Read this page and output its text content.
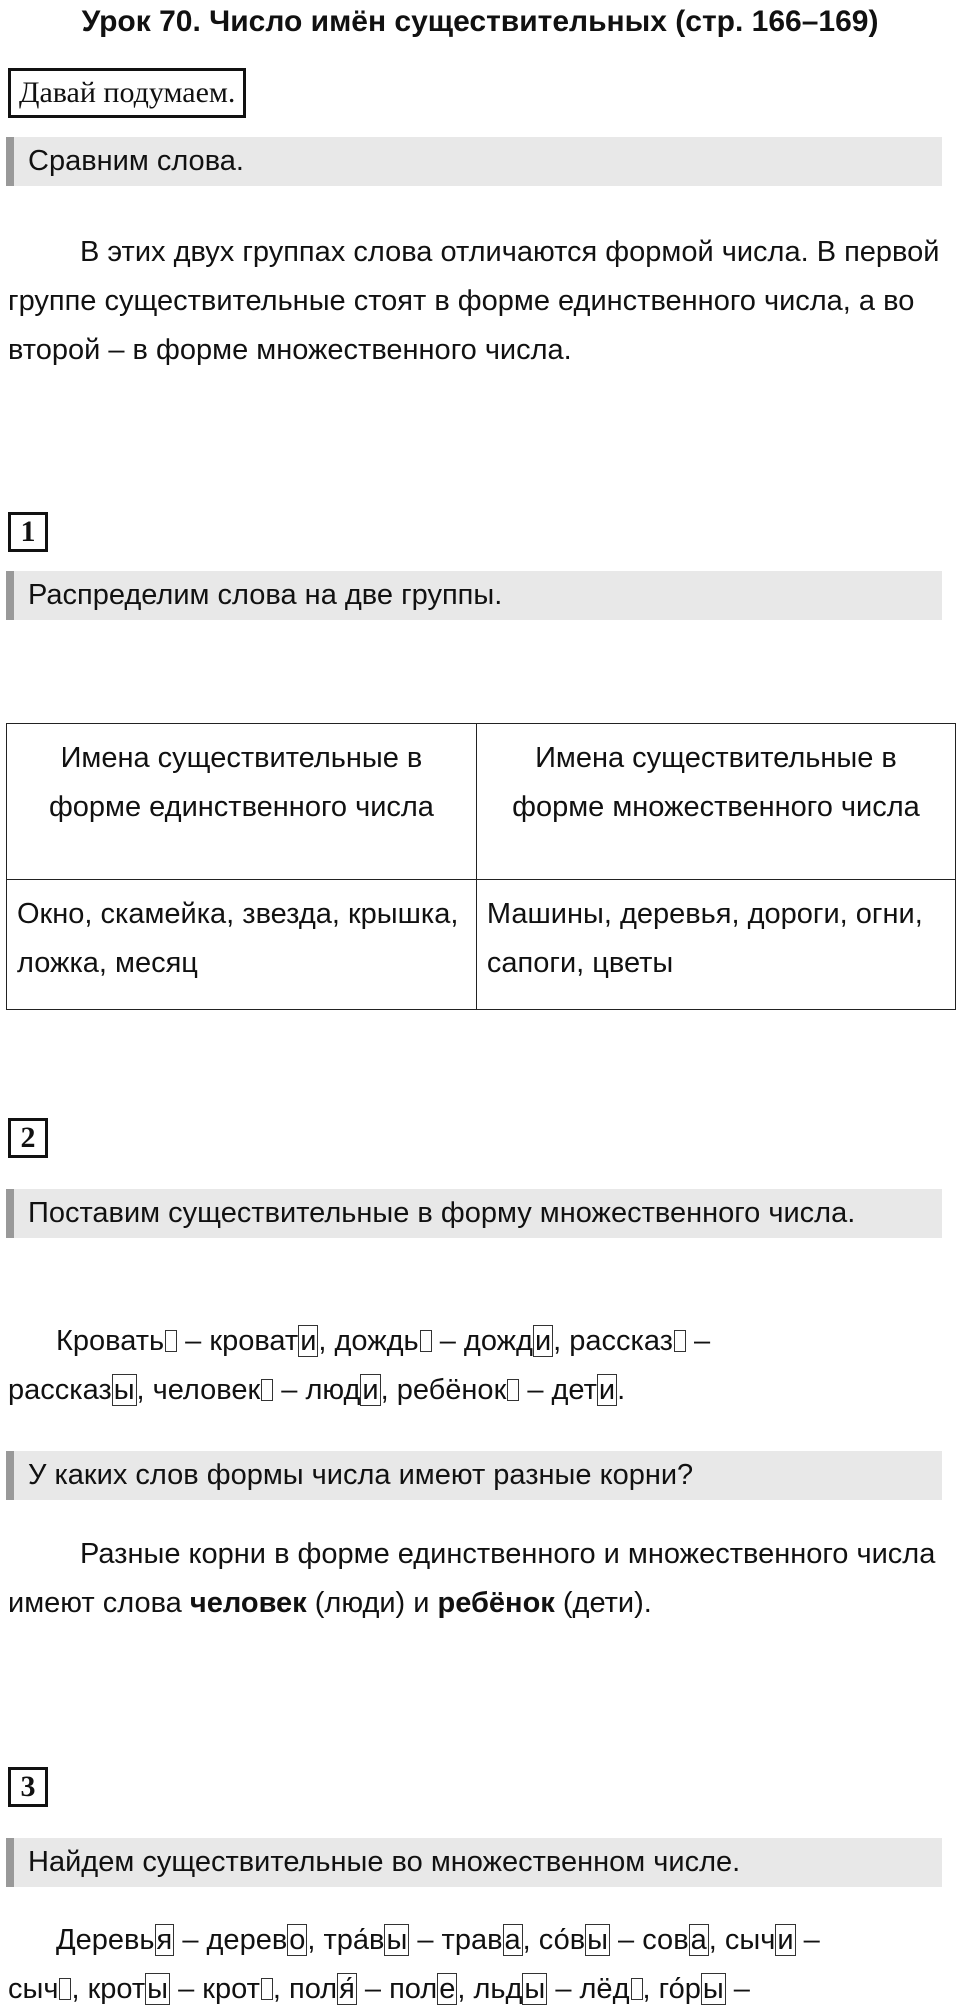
Урок 70. Число имён существительных (стр. 166–169)
Давай подумаем.
Сравним слова.
В этих двух группах слова отличаются формой числа. В первой группе существительные стоят в форме единственного числа, а во второй – в форме множественного числа.
1
Распределим слова на две группы.
Имена существительные в форме единственного числа	Имена существительные в форме множественного числа
Окно, скамейка, звезда, крышка, ложка, месяц	Машины, деревья, дороги, огни, сапоги, цветы
2
Поставим существительные в форму множественного числа.
Кровать – кровати, дождь – дожди, рассказ –
рассказы, человек – люди, ребёнок – дети.
У каких слов формы числа имеют разные корни?
Разные корни в форме единственного и множественного числа имеют слова человек (люди) и ребёнок (дети).
3
Найдем существительные во множественном числе.
Деревья – дерево, тра́вы – трава, со́вы – сова, сычи –
сыч , кроты – крот , поля́ – поле, льды – лёд , го́ры –
